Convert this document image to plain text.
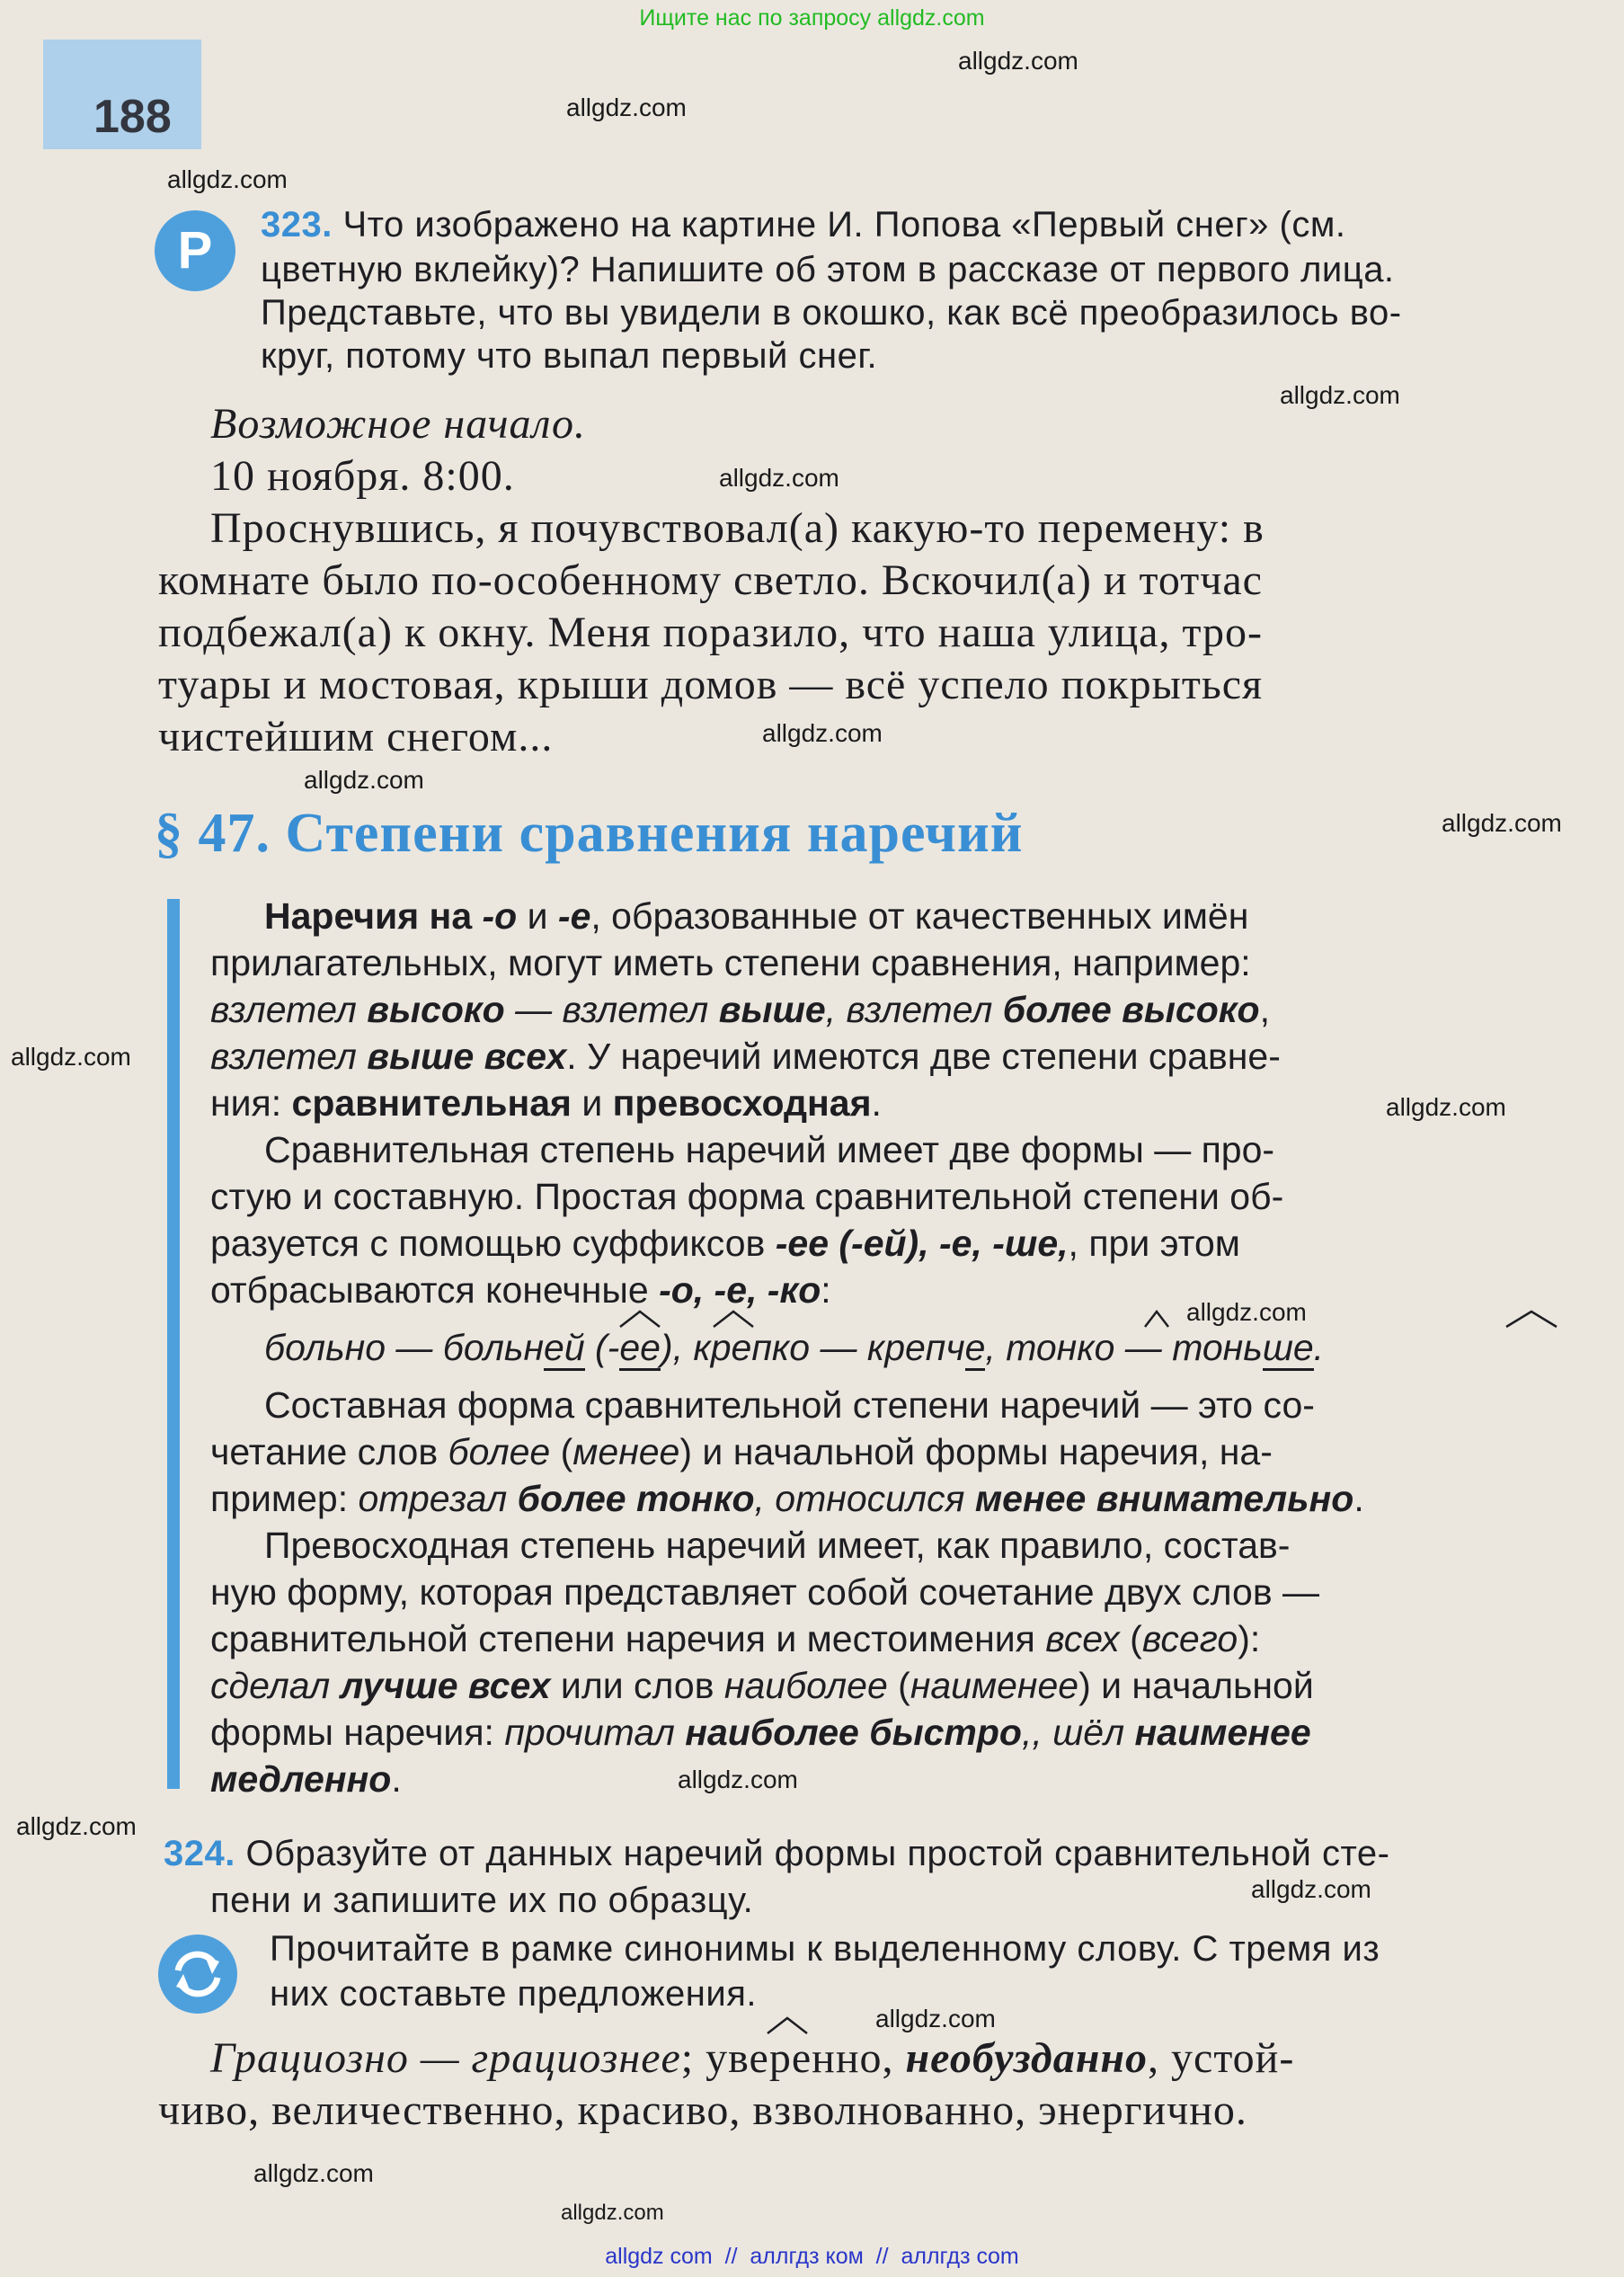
Ищите нас по запросу allgdz.com
188
allgdz.com
allgdz.com
allgdz.com
allgdz.com
allgdz.com
allgdz.com
allgdz.com
allgdz.com
allgdz.com
allgdz.com
allgdz.com
allgdz.com
allgdz.com
allgdz.com
allgdz.com
allgdz.com
allgdz.com
Р	323. Что изображено на картине И. Попова «Первый снег» (см.
цветную вклейку)? Напишите об этом в рассказе от первого лица.
Представьте, что вы увидели в окошко, как всё преобразилось во-
круг, потому что выпал первый снег.
Возможное начало.
10 ноября. 8:00.
Проснувшись, я почувствовал(а) какую-то перемену: в
комнате было по-особенному светло. Вскочил(а) и тотчас
подбежал(а) к окну. Меня поразило, что наша улица, тро-
туары и мостовая, крыши домов — всё успело покрыться
чистейшим снегом...
§ 47. Степени сравнения наречий
Наречия на -о и -е, образованные от качественных имён
прилагательных, могут иметь степени сравнения, например:
взлетел высоко — взлетел выше, взлетел более высоко,
взлетел выше всех. У наречий имеются две степени сравне-
ния: сравнительная и превосходная.
Сравнительная степень наречий имеет две формы — про-
стую и составную. Простая форма сравнительной степени об-
разуется с помощью суффиксов -ее (-ей), -е, -ше,, при этом
отбрасываются конечные -о, -е, -ко:
больно — больней (-ее), крепко — крепче, тонко — тоньше.
Составная форма сравнительной степени наречий — это со-
четание слов более (менее) и начальной формы наречия, на-
пример: отрезал более тонко, относился менее внимательно.
Превосходная степень наречий имеет, как правило, состав-
ную форму, которая представляет собой сочетание двух слов —
сравнительной степени наречия и местоимения всех (всего):
сделал лучше всех или слов наиболее (наименее) и начальной
формы наречия: прочитал наиболее быстро,, шёл наименее
медленно.
324. Образуйте от данных наречий формы простой сравнительной сте-
пени и запишите их по образцу.
Прочитайте в рамке синонимы к выделенному слову. С тремя из
них составьте предложения.
Грациозно — грациознее; уверенно, необузданно, устой-
чиво, величественно, красиво, взволнованно, энергично.
allgdz com  //  аллгдз ком  //  аллгдз com
